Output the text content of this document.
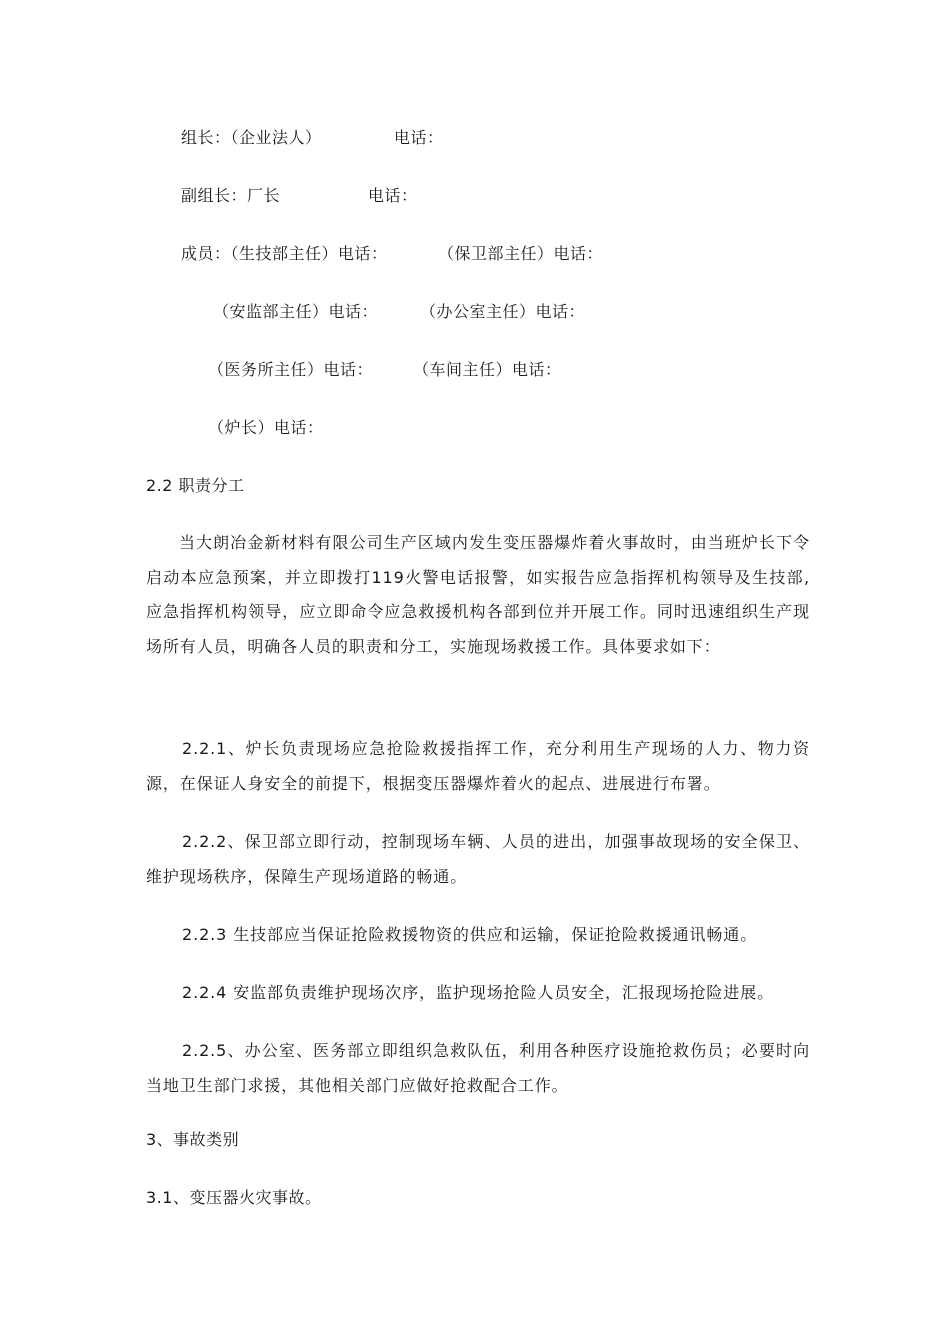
组长：（企业法人）	电话：
副组长：厂长	电话：
成员：（生技部主任）电话：	（保卫部主任）电话：
（安监部主任）电话：	（办公室主任）电话：
（医务所主任）电话： （车间主任）电话：
（炉长）电话：
2.2 职责分工
当大朗冶金新材料有限公司生产区域内发生变压器爆炸着火事故时，由当班炉长下令启动本应急预案，并立即拨打119火警电话报警，如实报告应急指挥机构领导及生技部,应急指挥机构领导，应立即命令应急救援机构各部到位并开展工作。同时迅速组织生产现场所有人员，明确各人员的职责和分工，实施现场救援工作。具体要求如下：
2.2.1、炉长负责现场应急抢险救援指挥工作，充分利用生产现场的人力、物力资源，在保证人身安全的前提下，根据变压器爆炸着火的起点、进展进行布署。
2.2.2、保卫部立即行动，控制现场车辆、人员的进出，加强事故现场的安全保卫、维护现场秩序，保障生产现场道路的畅通。
2.2.3 生技部应当保证抢险救援物资的供应和运输，保证抢险救援通讯畅通。
2.2.4 安监部负责维护现场次序，监护现场抢险人员安全，汇报现场抢险进展。
2.2.5、办公室、医务部立即组织急救队伍，利用各种医疗设施抢救伤员；必要时向当地卫生部门求援，其他相关部门应做好抢救配合工作。
3、事故类别
3.1、变压器火灾事故。
